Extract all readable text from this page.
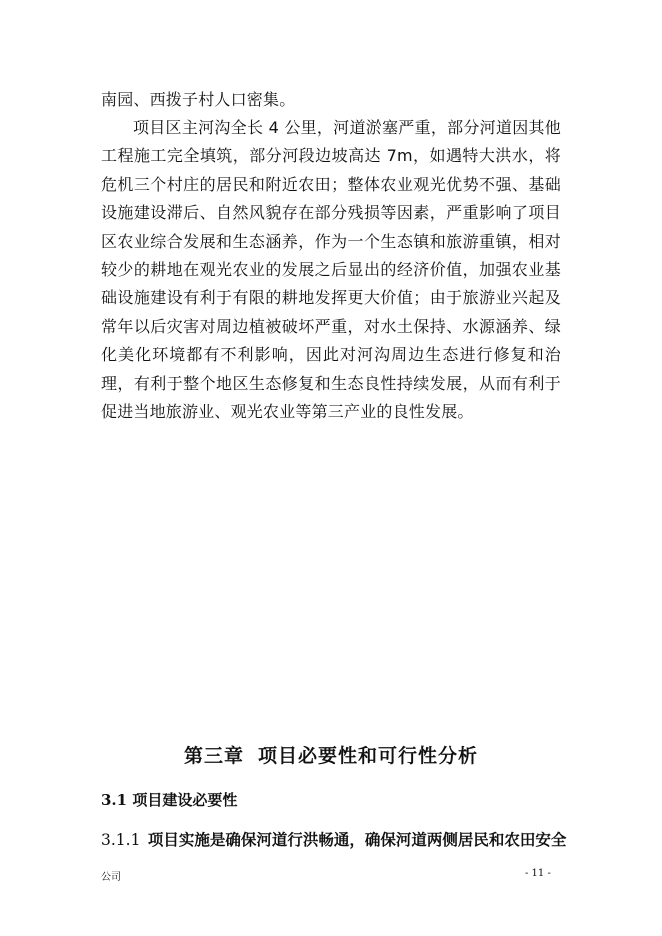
南园、西拨子村人口密集。
项目区主河沟全长 4 公里，河道淤塞严重，部分河道因其他工程施工完全填筑，部分河段边坡高达 7m，如遇特大洪水，将危机三个村庄的居民和附近农田；整体农业观光优势不强、基础设施建设滞后、自然风貌存在部分残损等因素，严重影响了项目区农业综合发展和生态涵养，作为一个生态镇和旅游重镇，相对较少的耕地在观光农业的发展之后显出的经济价值，加强农业基础设施建设有利于有限的耕地发挥更大价值；由于旅游业兴起及常年以后灾害对周边植被破坏严重，对水土保持、水源涵养、绿化美化环境都有不利影响，因此对河沟周边生态进行修复和治理，有利于整个地区生态修复和生态良性持续发展，从而有利于促进当地旅游业、观光农业等第三产业的良性发展。
第三章 项目必要性和可行性分析
3.1 项目建设必要性
3.1.1 项目实施是确保河道行洪畅通，确保河道两侧居民和农田安全
公司	- 11 -
